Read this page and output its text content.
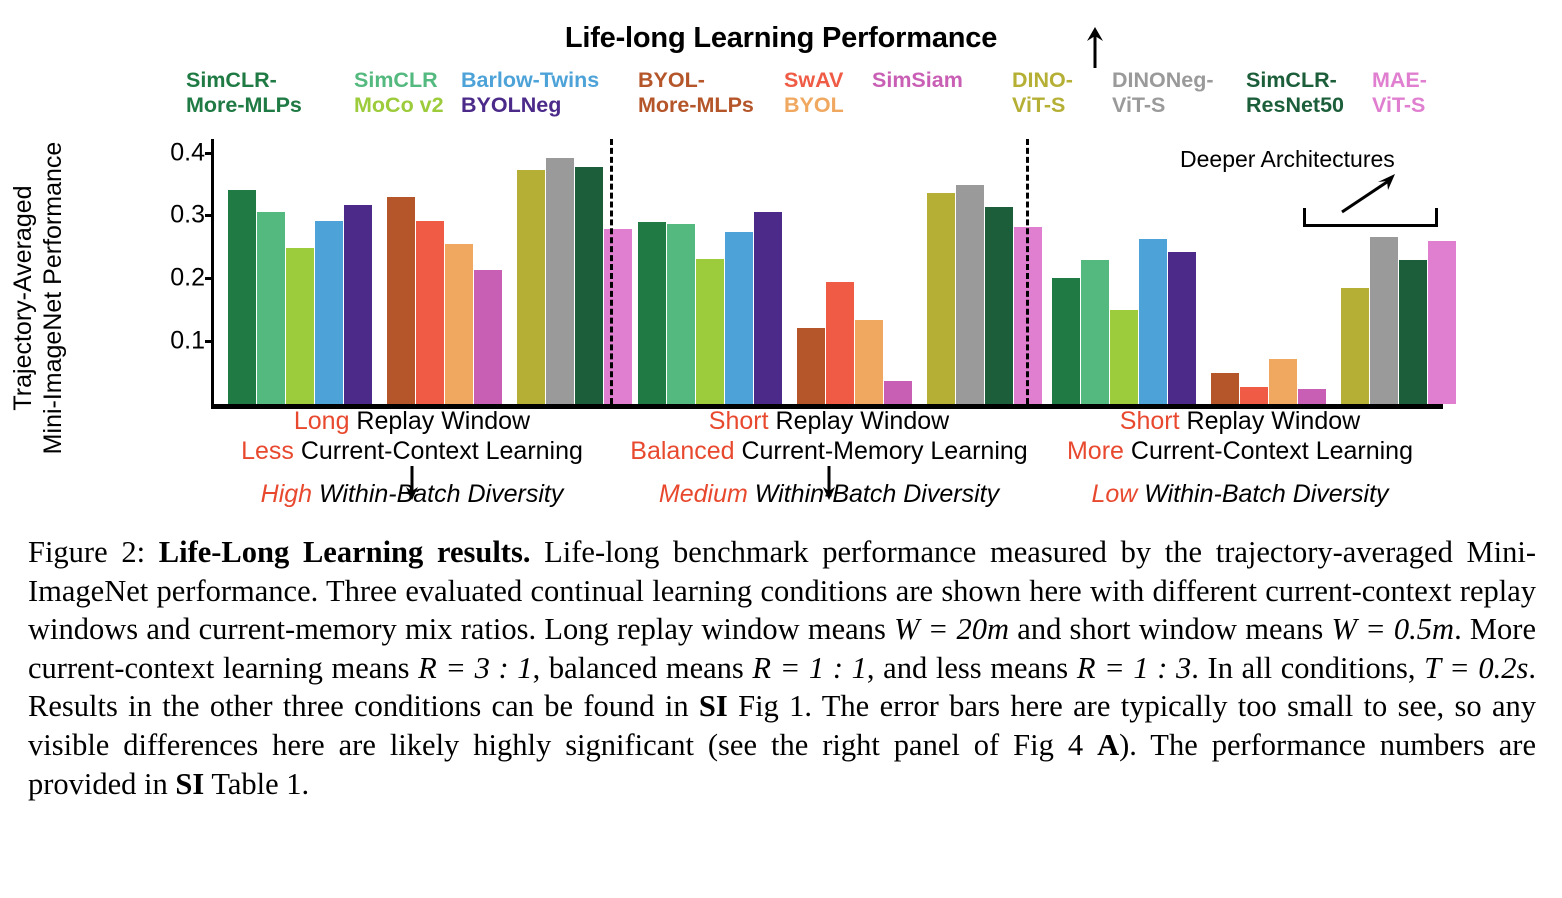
Life-long Learning Performance
SimCLR-
More-MLPs
SimCLR
MoCo v2
Barlow-Twins
BYOLNeg
BYOL-
More-MLPs
SwAV
BYOL
SimSiam DINO-
ViT-S
DINONeg-
ViT-S
SimCLR-
ResNet50
MAE-
ViT-S
Trajectory-Averaged
Mini-ImageNet Performance	0.1
0.2
0.3
0.4	Deeper Architectures
Long Replay Window
Less Current-Context Learning
High Within-Batch Diversity
Short Replay Window
Balanced Current-Memory Learning
Medium Within-Batch Diversity
Short Replay Window
More Current-Context Learning
Low Within-Batch Diversity
Figure 2: Life-Long Learning results. Life-long benchmark performance measured by the trajectory-averaged Mini-ImageNet performance. Three evaluated continual learning conditions are shown here with different current-context replay windows and current-memory mix ratios. Long replay window means W = 20m and short window means W = 0.5m. More current-context learning means R = 3 : 1, balanced means R = 1 : 1, and less means R = 1 : 3. In all conditions, T = 0.2s. Results in the other three conditions can be found in SI Fig 1. The error bars here are typically too small to see, so any visible differences here are likely highly significant (see the right panel of Fig 4 A). The performance numbers are provided in SI Table 1.
